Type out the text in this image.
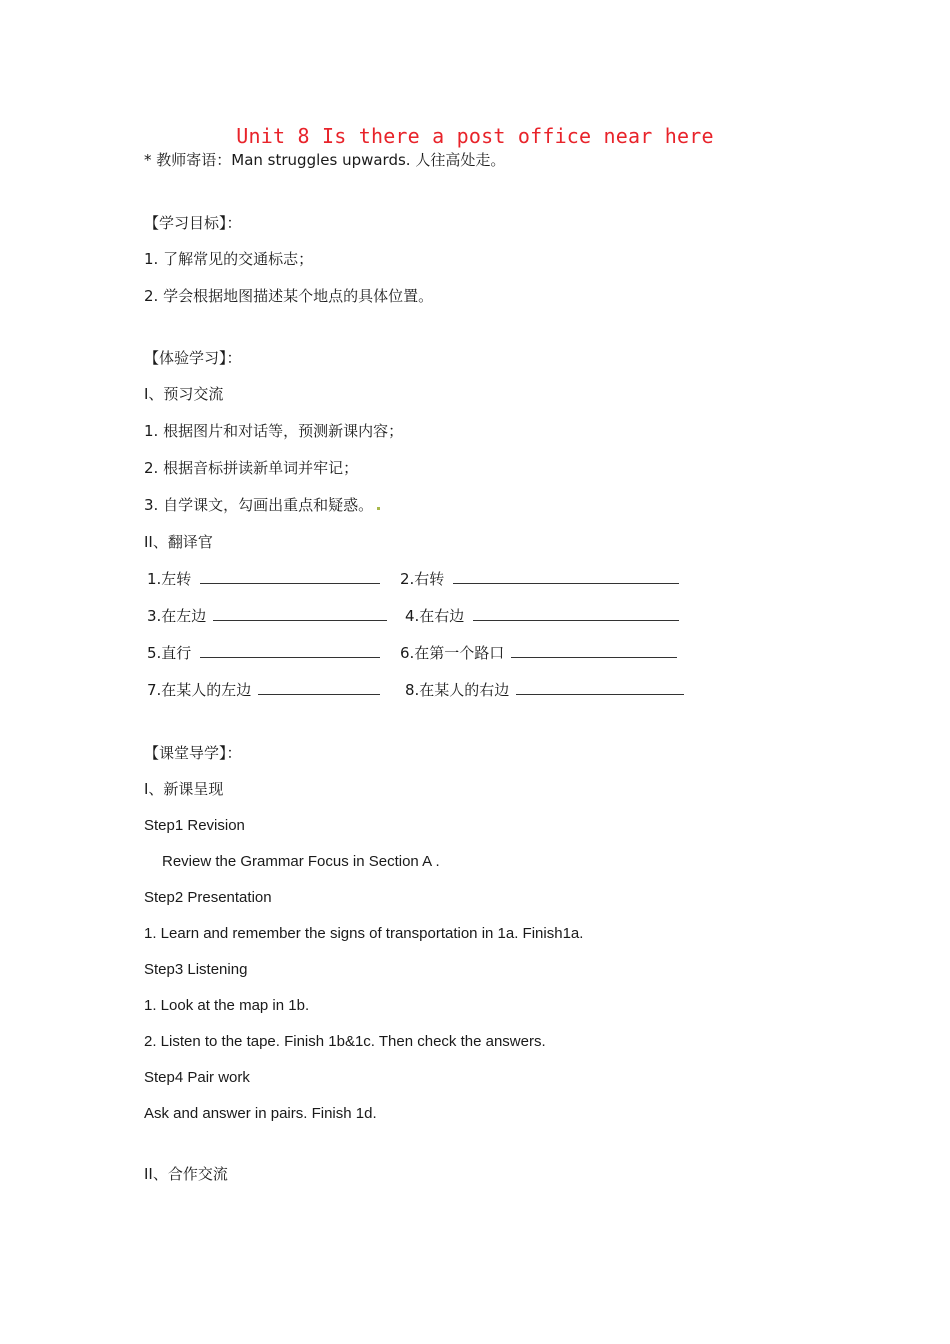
Unit 8 Is there a post office near here
* 教师寄语：Man struggles upwards. 人往高处走。
【学习目标】：
1. 了解常见的交通标志；
2. 学会根据地图描述某个地点的具体位置。
【体验学习】：
I、预习交流
1. 根据图片和对话等，预测新课内容；
2. 根据音标拼读新单词并牢记；
3. 自学课文，勾画出重点和疑惑。
II、翻译官
1.左转	2.右转
3.在左边	4.在右边
5.直行	6.在第一个路口
7.在某人的左边	8.在某人的右边
【课堂导学】：
I、新课呈现
Step1 Revision
Review the Grammar Focus in Section A .
Step2 Presentation
1. Learn and remember the signs of transportation in 1a. Finish1a.
Step3 Listening
1. Look at the map in 1b.
2. Listen to the tape. Finish 1b&1c. Then check the answers.
Step4 Pair work
Ask and answer in pairs. Finish 1d.
II、合作交流
